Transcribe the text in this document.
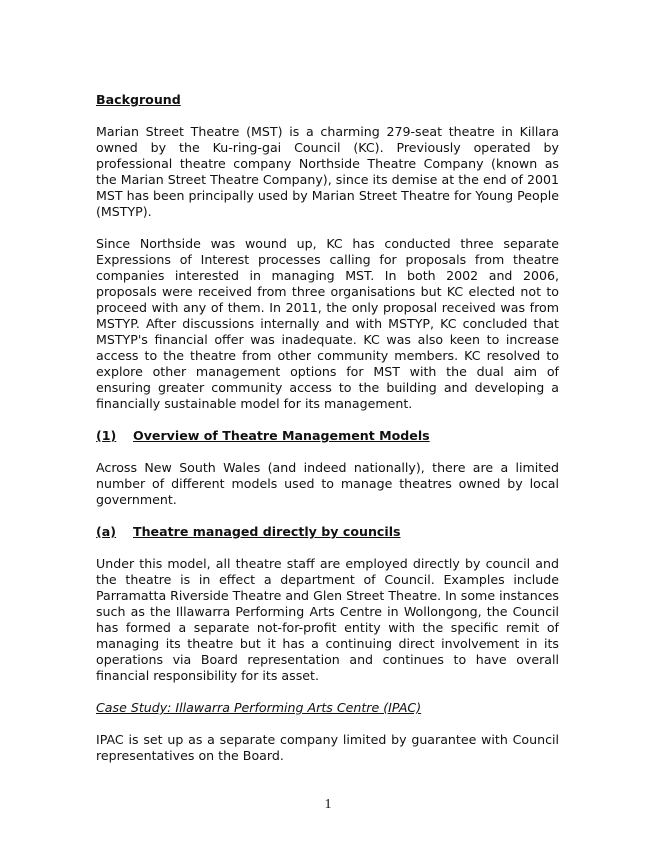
Background

Marian Street Theatre (MST) is a charming 279-seat theatre in Killara owned by the Ku-ring-gai Council (KC). Previously operated by professional theatre company Northside Theatre Company (known as the Marian Street Theatre Company), since its demise at the end of 2001 MST has been principally used by Marian Street Theatre for Young People (MSTYP).

Since Northside was wound up, KC has conducted three separate Expressions of Interest processes calling for proposals from theatre companies interested in managing MST. In both 2002 and 2006, proposals were received from three organisations but KC elected not to proceed with any of them. In 2011, the only proposal received was from MSTYP. After discussions internally and with MSTYP, KC concluded that MSTYP's financial offer was inadequate. KC was also keen to increase access to the theatre from other community members. KC resolved to explore other management options for MST with the dual aim of ensuring greater community access to the building and developing a financially sustainable model for its management.

(1)	Overview of Theatre Management Models

Across New South Wales (and indeed nationally), there are a limited number of different models used to manage theatres owned by local government.

(a)	Theatre managed directly by councils

Under this model, all theatre staff are employed directly by council and the theatre is in effect a department of Council. Examples include Parramatta Riverside Theatre and Glen Street Theatre. In some instances such as the Illawarra Performing Arts Centre in Wollongong, the Council has formed a separate not-for-profit entity with the specific remit of managing its theatre but it has a continuing direct involvement in its operations via Board representation and continues to have overall financial responsibility for its asset.

Case Study: Illawarra Performing Arts Centre (IPAC)

IPAC is set up as a separate company limited by guarantee with Council representatives on the Board.

1
